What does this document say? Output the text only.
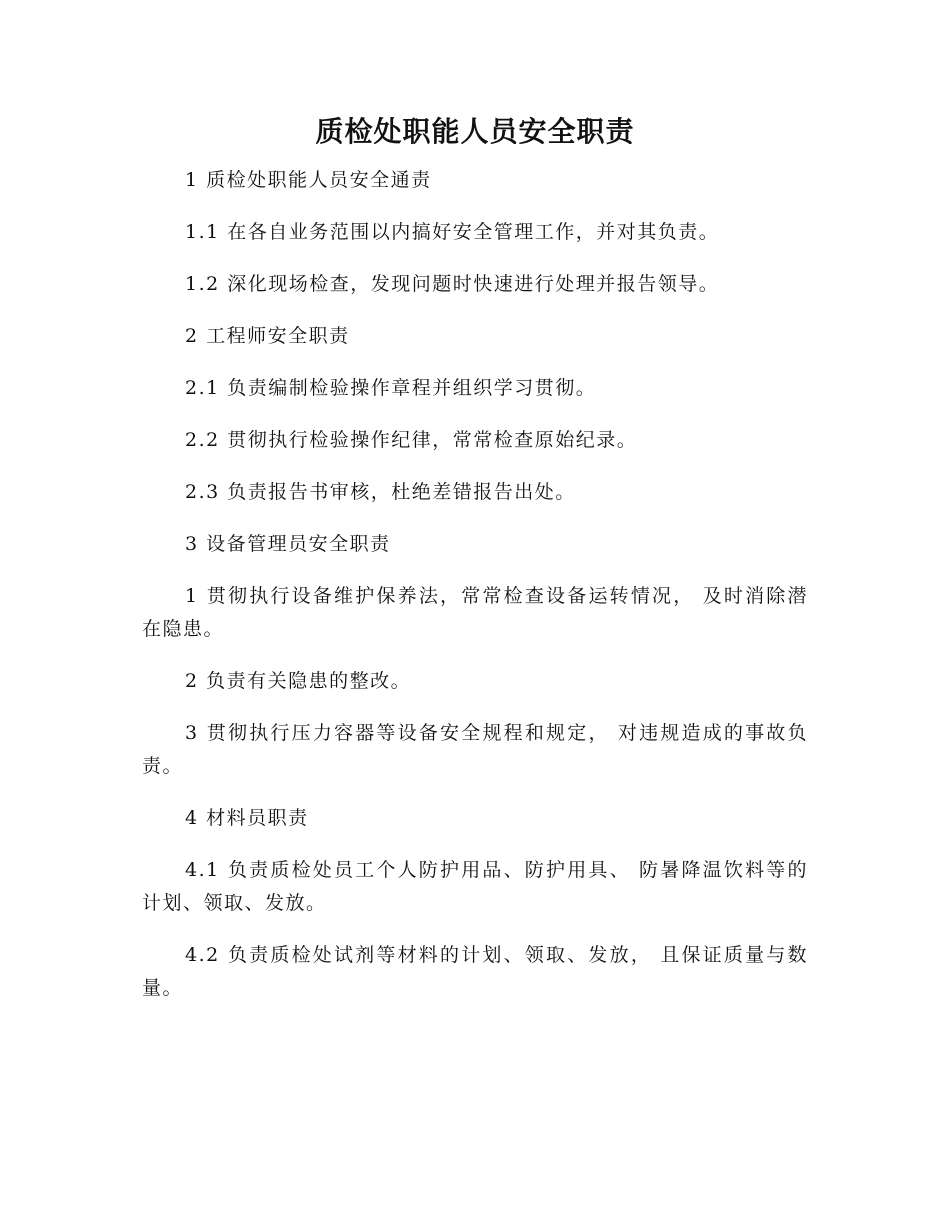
质检处职能人员安全职责

1 质检处职能人员安全通责

1.1 在各自业务范围以内搞好安全管理工作，并对其负责。

1.2 深化现场检查，发现问题时快速进行处理并报告领导。

2 工程师安全职责

2.1 负责编制检验操作章程并组织学习贯彻。

2.2 贯彻执行检验操作纪律，常常检查原始纪录。

2.3 负责报告书审核，杜绝差错报告出处。

3 设备管理员安全职责

1 贯彻执行设备维护保养法，常常检查设备运转情况， 及时消除潜在隐患。

2 负责有关隐患的整改。

3 贯彻执行压力容器等设备安全规程和规定， 对违规造成的事故负责。

4 材料员职责

4.1 负责质检处员工个人防护用品、防护用具、 防暑降温饮料等的计划、领取、发放。

4.2 负责质检处试剂等材料的计划、领取、发放， 且保证质量与数量。
